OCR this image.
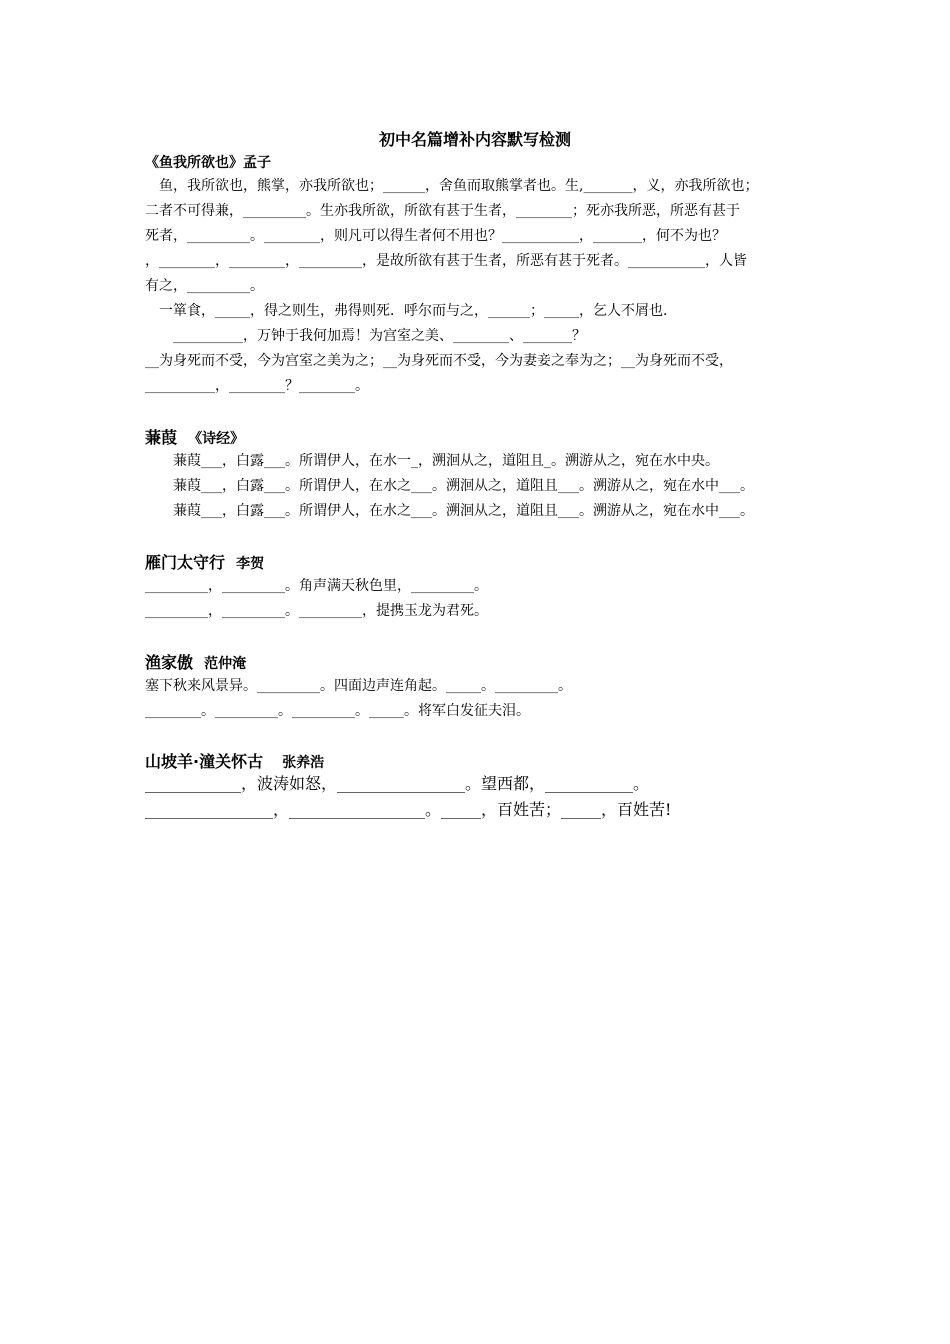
初中名篇增补内容默写检测
《鱼我所欲也》孟子
　鱼，我所欲也，熊掌，亦我所欲也；______，舍鱼而取熊掌者也。生,_______，义，亦我所欲也；
二者不可得兼，_________。生亦我所欲，所欲有甚于生者，________；死亦我所恶，所恶有甚于
死者，_________。________，则凡可以得生者何不用也？___________，_______，何不为也？
，________，________，_________，是故所欲有甚于生者，所恶有甚于死者。___________，人皆
有之，_________。
　一箪食，_____，得之则生，弗得则死．呼尔而与之，______；_____，乞人不屑也．
　　__________，万钟于我何加焉！为宫室之美、________、_______？
__为身死而不受，今为宫室之美为之；__为身死而不受，今为妻妾之奉为之；__为身死而不受，
__________，________？________。
蒹葭 《诗经》
　　蒹葭___，白露___。所谓伊人，在水一_，溯洄从之，道阻且_。溯游从之，宛在水中央。
　　蒹葭___，白露___。所谓伊人，在水之___。溯洄从之，道阻且___。溯游从之，宛在水中___。
　　蒹葭___，白露___。所谓伊人，在水之___。溯洄从之，道阻且___。溯游从之，宛在水中___。
雁门太守行 李贺
_________，_________。角声满天秋色里，_________。
_________，_________。_________，提携玉龙为君死。
渔家傲 范仲淹
塞下秋来风景异。_________。四面边声连角起。_____。_________。
________。_________。_________。_____。将军白发征夫泪。
山坡羊·潼关怀古 张养浩
____________，波涛如怒，________________。望西都，___________。
________________，_________________。_____，百姓苦；_____，百姓苦!
